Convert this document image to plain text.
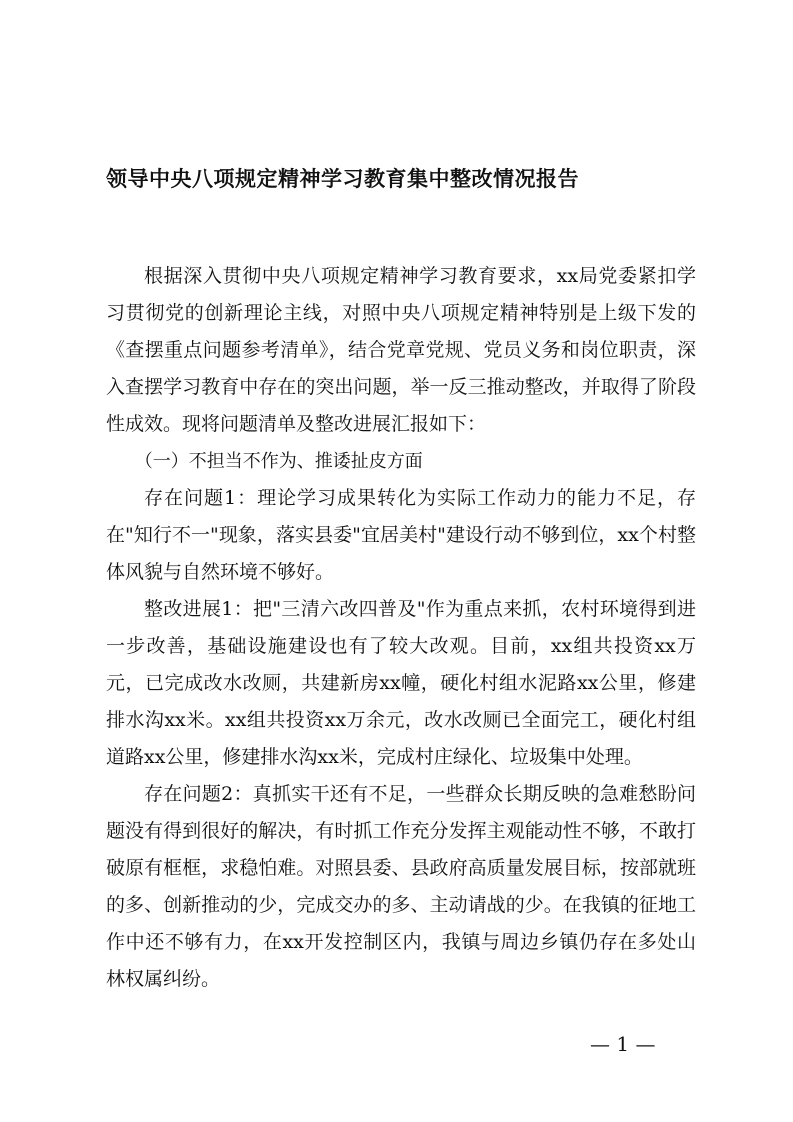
领导中央八项规定精神学习教育集中整改情况报告

根据深入贯彻中央八项规定精神学习教育要求，xx局党委紧扣学习贯彻党的创新理论主线，对照中央八项规定精神特别是上级下发的《查摆重点问题参考清单》，结合党章党规、党员义务和岗位职责，深入查摆学习教育中存在的突出问题，举一反三推动整改，并取得了阶段性成效。现将问题清单及整改进展汇报如下：

（一）不担当不作为、推诿扯皮方面

存在问题1：理论学习成果转化为实际工作动力的能力不足，存在"知行不一"现象，落实县委"宜居美村"建设行动不够到位，xx个村整体风貌与自然环境不够好。

整改进展1：把"三清六改四普及"作为重点来抓，农村环境得到进一步改善，基础设施建设也有了较大改观。目前，xx组共投资xx万元，已完成改水改厕，共建新房xx幢，硬化村组水泥路xx公里，修建排水沟xx米。xx组共投资xx万余元，改水改厕已全面完工，硬化村组道路xx公里，修建排水沟xx米，完成村庄绿化、垃圾集中处理。

存在问题2：真抓实干还有不足，一些群众长期反映的急难愁盼问题没有得到很好的解决，有时抓工作充分发挥主观能动性不够，不敢打破原有框框，求稳怕难。对照县委、县政府高质量发展目标，按部就班的多、创新推动的少，完成交办的多、主动请战的少。在我镇的征地工作中还不够有力，在xx开发控制区内，我镇与周边乡镇仍存在多处山林权属纠纷。

— 1 —
